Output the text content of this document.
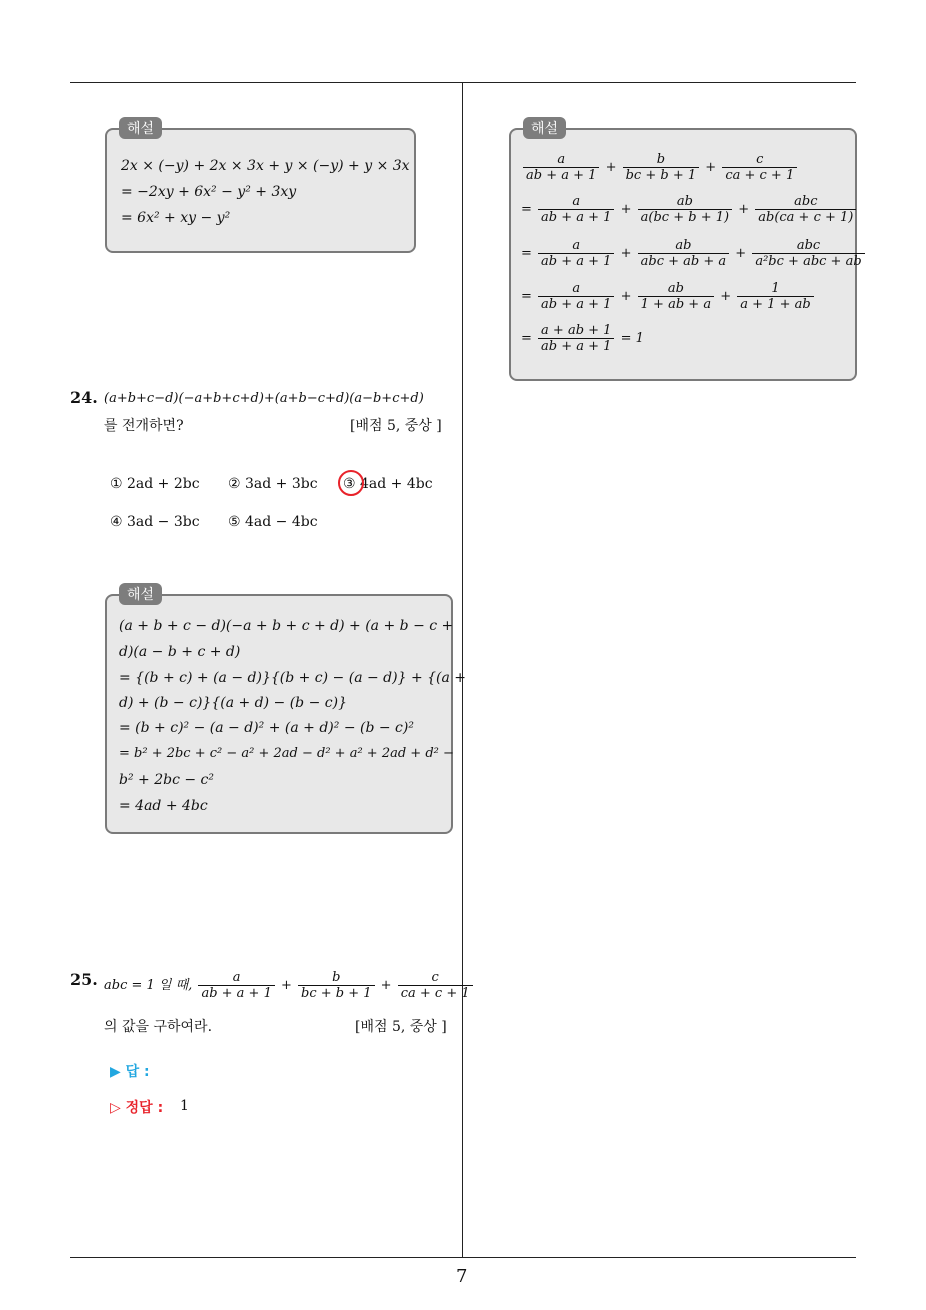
7
2x × (−y) + 2x × 3x + y × (−y) + y × 3x
= −2xy + 6x² − y² + 3xy
= 6x² + xy − y²
해설
24. (a+b+c−d)(−a+b+c+d)+(a+b−c+d)(a−b+c+d)
를 전개하면?	[배점 5, 중상 ]
① 2ad + 2bc ② 3ad + 3bc ③ 4ad + 4bc
④ 3ad − 3bc ⑤ 4ad − 4bc
(a + b + c − d)(−a + b + c + d) + (a + b − c +
d)(a − b + c + d)
= {(b + c) + (a − d)}{(b + c) − (a − d)} + {(a +
d) + (b − c)}{(a + d) − (b − c)}
= (b + c)² − (a − d)² + (a + d)² − (b − c)²
= b² + 2bc + c² − a² + 2ad − d² + a² + 2ad + d² −
b² + 2bc − c²
= 4ad + 4bc
해설
25. abc = 1 일 때, $\frac{a}{ab + a + 1} + \frac{b}{bc + b + 1} + \frac{c}{ca + c + 1}$
의 값을 구하여라.	[배점 5, 중상 ]
▶ 답 :
▷ 정답 : 1
$\frac{a}{ab + a + 1} + \frac{b}{bc + b + 1} + \frac{c}{ca + c + 1}$
= $\frac{a}{ab + a + 1} + \frac{ab}{a(bc + b + 1)} + \frac{\text{abc}}{ab(ca + c + 1)}$
= $\frac{a}{ab + a + 1} + \frac{ab}{\text{abc + ab + a}} + \frac{\text{abc}}{\text{a²bc + abc + ab}}$
= $\frac{a}{ab + a + 1} + \frac{ab}{1 + ab + a} + \frac{1}{a + 1 + ab}$
= $\frac{a + ab + 1}{ab + a + 1} = 1$
해설
